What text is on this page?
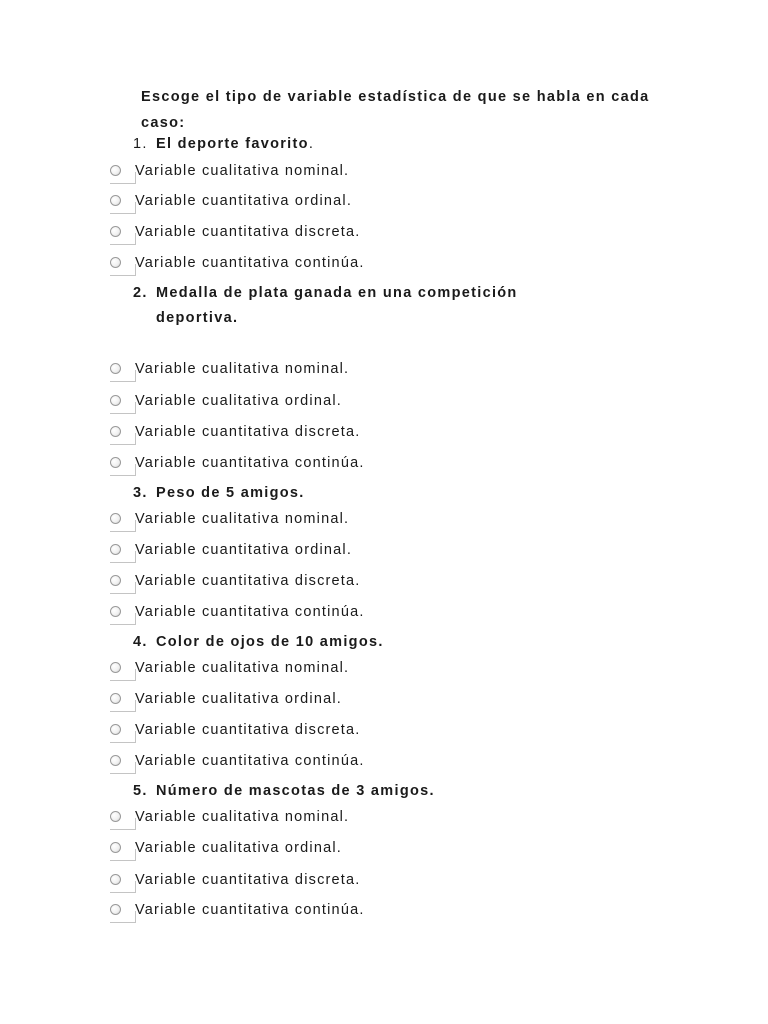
Escoge el tipo de variable estadística de que se habla en cada caso:

1. El deporte favorito.

Variable cualitativa nominal.
Variable cuantitativa ordinal.
Variable cuantitativa discreta.
Variable cuantitativa continúa.

2. Medalla de plata ganada en una competición
deportiva.

Variable cualitativa nominal.
Variable cualitativa ordinal.
Variable cuantitativa discreta.
Variable cuantitativa continúa.

3. Peso de 5 amigos.

Variable cualitativa nominal.
Variable cuantitativa ordinal.
Variable cuantitativa discreta.
Variable cuantitativa continúa.

4. Color de ojos de 10 amigos.

Variable cualitativa nominal.
Variable cualitativa ordinal.
Variable cuantitativa discreta.
Variable cuantitativa continúa.

5. Número de mascotas de 3 amigos.

Variable cualitativa nominal.
Variable cualitativa ordinal.
Variable cuantitativa discreta.
Variable cuantitativa continúa.
